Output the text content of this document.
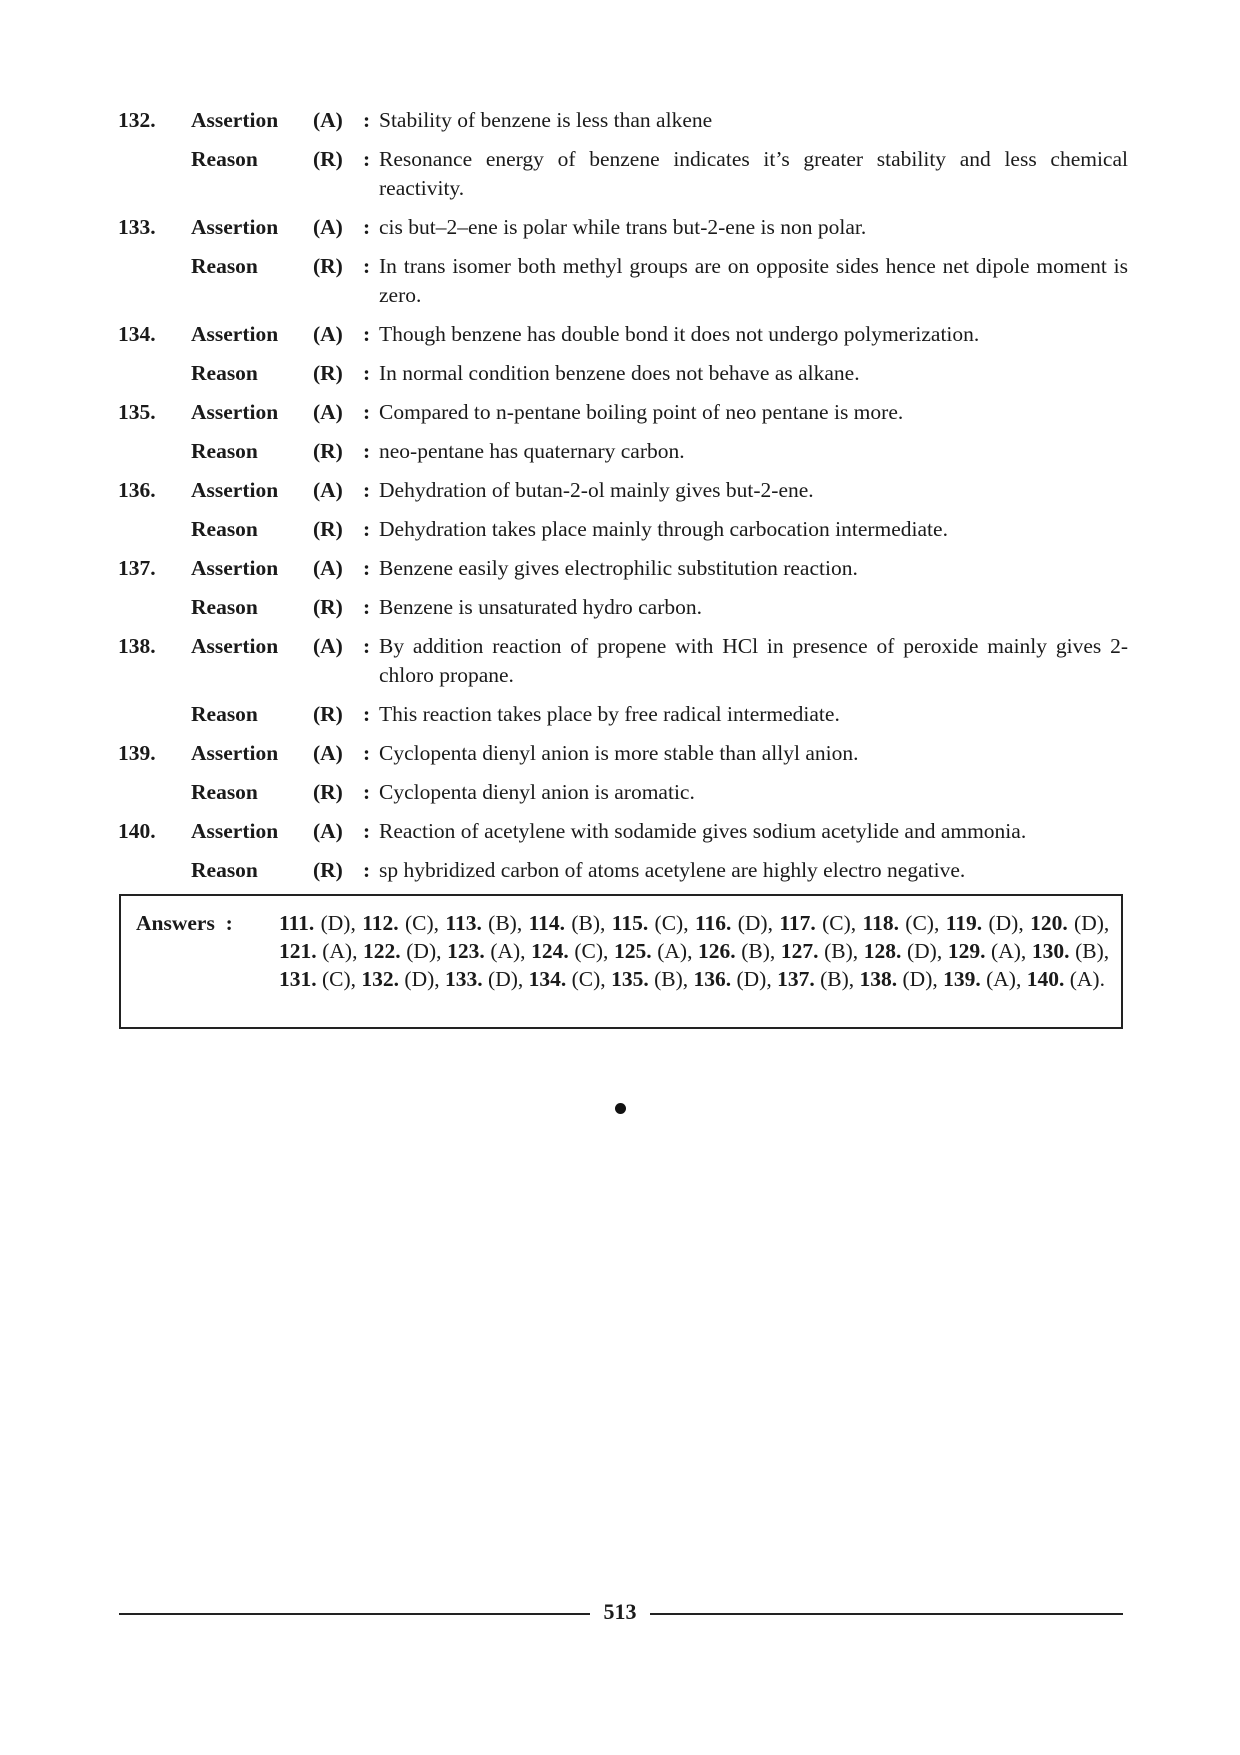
132.	Assertion	(A) : Stability of benzene is less than alkene
Reason	(R) : Resonance energy of benzene indicates it’s greater stability and less chemical reactivity.
133.	Assertion	(A) : cis but–2–ene is polar while trans but-2-ene is non polar.
Reason	(R) : In trans isomer both methyl groups are on opposite sides hence net dipole moment is zero.
134.	Assertion	(A) : Though benzene has double bond it does not undergo polymerization.
Reason	(R) : In normal condition benzene does not behave as alkane.
135.	Assertion	(A) : Compared to n-pentane boiling point of neo pentane is more.
Reason	(R) : neo-pentane has quaternary carbon.
136.	Assertion	(A) : Dehydration of butan-2-ol mainly gives but-2-ene.
Reason	(R) : Dehydration takes place mainly through carbocation intermediate.
137.	Assertion	(A) : Benzene easily gives electrophilic substitution reaction.
Reason	(R) : Benzene is unsaturated hydro carbon.
138.	Assertion	(A) : By addition reaction of propene with HCl in presence of peroxide mainly gives 2-chloro propane.
Reason	(R) : This reaction takes place by free radical intermediate.
139.	Assertion	(A) : Cyclopenta dienyl anion is more stable than allyl anion.
Reason	(R) : Cyclopenta dienyl anion is aromatic.
140.	Assertion	(A) : Reaction of acetylene with sodamide gives sodium acetylide and ammonia.
Reason	(R) : sp hybridized carbon of atoms acetylene are highly electro negative.
Answers : 111. (D), 112. (C), 113. (B), 114. (B), 115. (C), 116. (D), 117. (C), 118. (C), 119. (D), 120. (D), 121. (A), 122. (D), 123. (A), 124. (C), 125. (A), 126. (B), 127. (B), 128. (D), 129. (A), 130. (B), 131. (C), 132. (D), 133. (D), 134. (C), 135. (B), 136. (D), 137. (B), 138. (D), 139. (A), 140. (A).
513
